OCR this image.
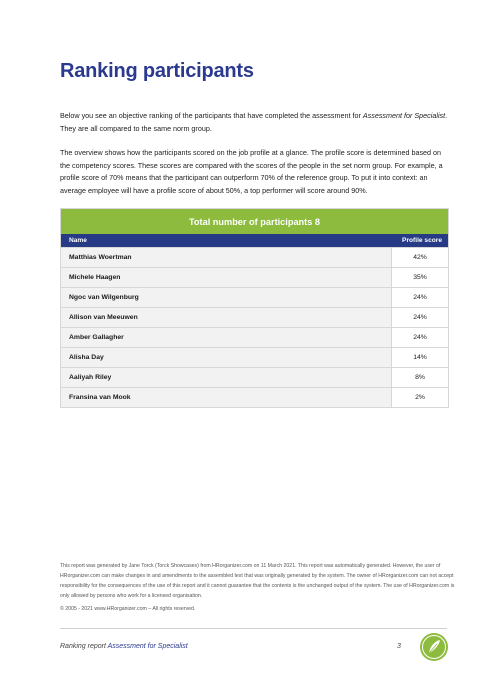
Ranking participants
Below you see an objective ranking of the participants that have completed the assessment for Assessment for Specialist. They are all compared to the same norm group.
The overview shows how the participants scored on the job profile at a glance. The profile score is determined based on the competency scores. These scores are compared with the scores of the people in the set norm group. For example, a profile score of 70% means that the participant can outperform 70% of the reference group. To put it into context: an average employee will have a profile score of about 50%, a top performer will score around 90%.
Total number of participants 8
Name	Profile score
Matthias Woertman	42%
Michele Haagen	35%
Ngoc van Wilgenburg	24%
Allison van Meeuwen	24%
Amber Gallagher	24%
Alisha Day	14%
Aaliyah Riley	8%
Fransina van Mook	2%
This report was generated by Jane Torck (Torck Showcases) from HRorganizer.com on 11 March 2021. This report was automatically generated. However, the user of HRorganizer.com can make changes in and amendments to the assembled text that was originally generated by the system. The owner of HRorganizer.com can not accept responsibility for the consequences of the use of this report and it cannot guarantee that the contents is the unchanged output of the system. The use of HRorganizer.com is only allowed by persons who work for a licensed organisation.
© 2005 - 2021 www.HRorganizer.com – All rights reserved.
Ranking report Assessment for Specialist	3
